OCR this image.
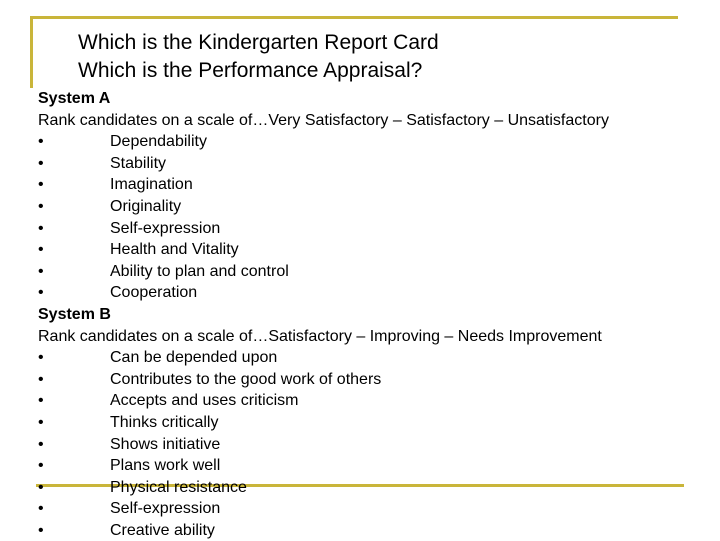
Which is the Kindergarten Report Card
Which is the Performance Appraisal?
System A
Rank candidates on a scale of…Very Satisfactory – Satisfactory – Unsatisfactory
•	Dependability
•	Stability
•	Imagination
•	Originality
•	Self-expression
•	Health and Vitality
•	Ability to plan and control
•	Cooperation
System B
Rank candidates on a scale of…Satisfactory – Improving – Needs Improvement
•	Can be depended upon
•	Contributes to the good work of others
•	Accepts and uses criticism
•	Thinks critically
•	Shows initiative
•	Plans work well
•	Physical resistance
•	Self-expression
•	Creative ability
